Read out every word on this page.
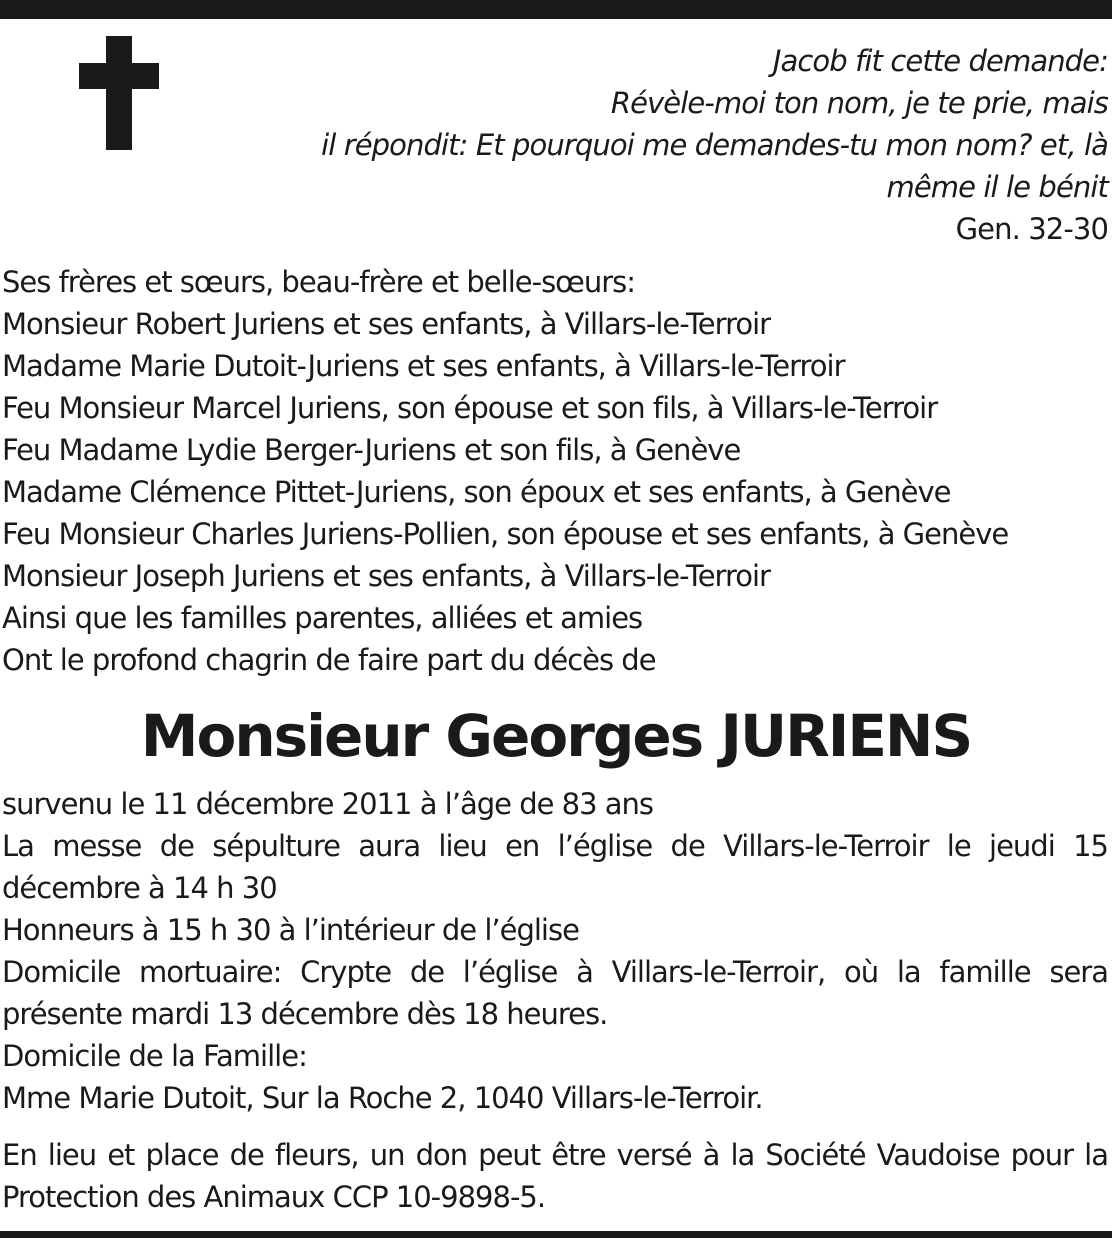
Jacob fit cette demande:
Révèle-moi ton nom, je te prie, mais
il répondit: Et pourquoi me demandes-tu mon nom? et, là
même il le bénit
Gen. 32-30
Ses frères et sœurs, beau-frère et belle-sœurs:
Monsieur Robert Juriens et ses enfants, à Villars-le-Terroir
Madame Marie Dutoit-Juriens et ses enfants, à Villars-le-Terroir
Feu Monsieur Marcel Juriens, son épouse et son fils, à Villars-le-Terroir
Feu Madame Lydie Berger-Juriens et son fils, à Genève
Madame Clémence Pittet-Juriens, son époux et ses enfants, à Genève
Feu Monsieur Charles Juriens-Pollien, son épouse et ses enfants, à Genève
Monsieur Joseph Juriens et ses enfants, à Villars-le-Terroir
Ainsi que les familles parentes, alliées et amies
Ont le profond chagrin de faire part du décès de
Monsieur Georges JURIENS

survenu le 11 décembre 2011 à l’âge de 83 ans

La messe de sépulture aura lieu en l’église de Villars-le-Terroir le jeudi 15 décembre à 14 h 30

Honneurs à 15 h 30 à l’intérieur de l’église

Domicile mortuaire: Crypte de l’église à Villars-le-Terroir, où la famille sera présente mardi 13 décembre dès 18 heures.

Domicile de la Famille:

Mme Marie Dutoit, Sur la Roche 2, 1040 Villars-le-Terroir.

En lieu et place de fleurs, un don peut être versé à la Société Vaudoise pour la Protection des Animaux CCP 10-9898-5.
